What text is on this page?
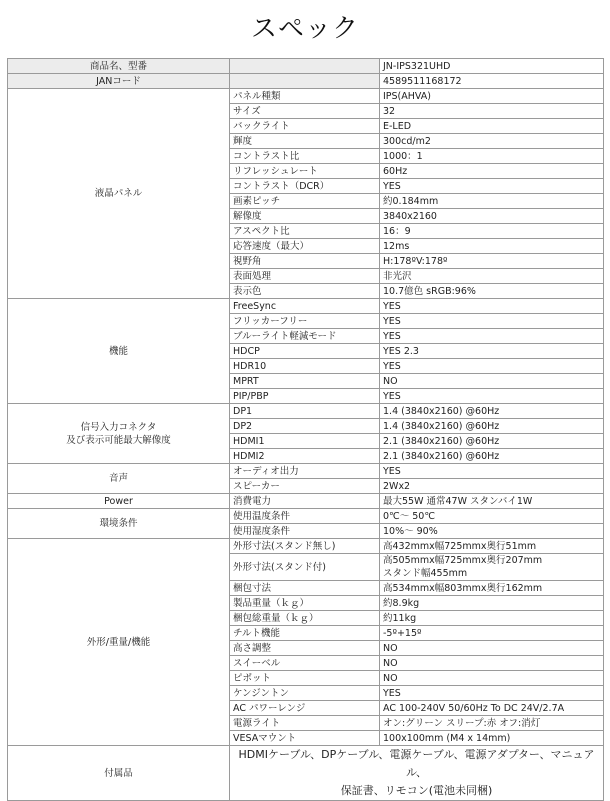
スペック
商品名、型番		JN-IPS321UHD
JANコード		4589511168172
液晶パネル	パネル種類	IPS(AHVA)
	サイズ	32
	バックライト	E-LED
	輝度	300cd/m2
	コントラスト比	1000：1
	リフレッシュレート	60Hz
	コントラスト（DCR）	YES
	画素ピッチ	約0.184mm
	解像度	3840x2160
	アスペクト比	16：9
	応答速度（最大）	12ms
	視野角	H:178ºV:178º
	表面処理	非光沢
	表示色	10.7億色 sRGB:96%
機能	FreeSync	YES
	フリッカーフリー	YES
	ブルーライト軽減モード	YES
	HDCP	YES 2.3
	HDR10	YES
	MPRT	NO
	PIP/PBP	YES
信号入力コネクタ
及び表示可能最大解像度	DP1	1.4 (3840x2160) @60Hz
	DP2	1.4 (3840x2160) @60Hz
	HDMI1	2.1 (3840x2160) @60Hz
	HDMI2	2.1 (3840x2160) @60Hz
音声	オーディオ出力	YES
	スピーカー	2Wx2
Power	消費電力	最大55W 通常47W スタンバイ1W
環境条件	使用温度条件	0℃～ 50℃
	使用湿度条件	10%～ 90%
外形/重量/機能	外形寸法(スタンド無し)	高432mmx幅725mmx奥行51mm
	外形寸法(スタンド付)	高505mmx幅725mmx奥行207mm
スタンド幅455mm
	梱包寸法	高534mmx幅803mmx奥行162mm
	製品重量（ｋｇ）	約8.9kg
	梱包総重量（ｋｇ）	約11kg
	チルト機能	-5º+15º
	高さ調整	NO
	スイーベル	NO
	ピボット	NO
	ケンジントン	YES
	AC パワーレンジ	AC 100-240V 50/60Hz To DC 24V/2.7A
	電源ライト	オン:グリーン スリープ:赤 オフ:消灯
	VESAマウント	100x100mm (M4 x 14mm)
付属品	HDMIケーブル、DPケーブル、電源ケーブル、電源アダプター、マニュアル、
保証書、リモコン(電池未同梱)	
